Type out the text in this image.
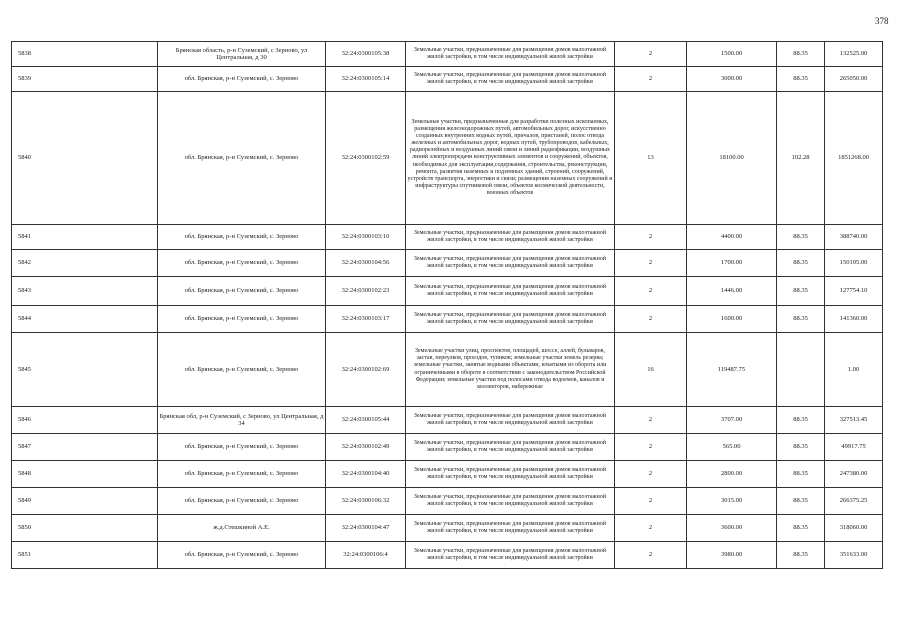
378
5838	Брянская область, р-н Суземский, с Зерново, ул Центральная, д 30	32:24:0300105:38	Земельные участки, предназначенные для размещения домов малоэтажной жилой застройки, в том числе индивидуальной жилой застройки	2	1500.00	88.35	132525.00
5839	обл. Брянская, р-н Суземский, с. Зерново	32:24:0300105:14	Земельные участки, предназначенные для размещения домов малоэтажной жилой застройки, в том числе индивидуальной жилой застройки	2	3000.00	88.35	265050.00
5840	обл. Брянская, р-н Суземский, с. Зерново	32:24:0300102:59	Земельные участки, предназначенные для разработки полезных ископаемых, размещения железнодорожных путей, автомобильных дорог, искусственно созданных внутренних водных путей, причалов, пристаней, полос отвода железных и автомобильных дорог, водных путей, трубопроводов, кабельных, радиорелейных и воздушных линий связи и линий радиофикации, воздушных линий электропередачи конструктивных элементов и сооружений, объектов, необходимых для эксплуатации,содержания, строительства, реконструкции, ремонта, развития наземных и подземных зданий, строений, сооружений, устройств транспорта, энергетики и связи; размещения наземных сооружений и инфраструктуры спутниковой связи, объектов космической деятельности, военных объектов	13	18100.00	102.28	1851268.00
5841	обл. Брянская, р-н Суземский, с. Зерново	32:24:0300103:10	Земельные участки, предназначенные для размещения домов малоэтажной жилой застройки, в том числе индивидуальной жилой застройки	2	4400.00	88.35	388740.00
5842	обл. Брянская, р-н Суземский, с. Зерново	32:24:0300104:56	Земельные участки, предназначенные для размещения домов малоэтажной жилой застройки, в том числе индивидуальной жилой застройки	2	1700.00	88.35	150195.00
5843	обл. Брянская, р-н Суземский, с. Зерново	32:24:0300102:23	Земельные участки, предназначенные для размещения домов малоэтажной жилой застройки, в том числе индивидуальной жилой застройки	2	1446.00	88.35	127754.10
5844	обл. Брянская, р-н Суземский, с. Зерново	32:24:0300103:17	Земельные участки, предназначенные для размещения домов малоэтажной жилой застройки, в том числе индивидуальной жилой застройки	2	1600.00	88.35	141360.00
5845	обл. Брянская, р-н Суземский, с. Зерново	32:24:0300102:69	Земельные участки улиц, проспектов, площадей, шоссе, аллей, бульваров, застав, переулков, проездов, тупиков; земельные участки земель резерва; земельные участки, занятые водными объектами, изъятыми из оборота или ограниченными в обороте в соответствии с законодательством Российской Федерации; земельные участки под полосами отвода водоемов, каналов и коллекторов, набережные	16	119487.75		1.00
5846	Брянская обл, р-н Суземский, с Зерново, ул Центральная, д 34	32:24:0300105:44	Земельные участки, предназначенные для размещения домов малоэтажной жилой застройки, в том числе индивидуальной жилой застройки	2	3707.00	88.35	327513.45
5847	обл. Брянская, р-н Суземский, с. Зерново	32:24:0300102:49	Земельные участки, предназначенные для размещения домов малоэтажной жилой застройки, в том числе индивидуальной жилой застройки	2	565.00	88.35	49917.75
5848	обл. Брянская, р-н Суземский, с. Зерново	32:24:0300104:40	Земельные участки, предназначенные для размещения домов малоэтажной жилой застройки, в том числе индивидуальной жилой застройки	2	2800.00	88.35	247380.00
5849	обл. Брянская, р-н Суземский, с. Зерново	32:24:0300106:32	Земельные участки, предназначенные для размещения домов малоэтажной жилой застройки, в том числе индивидуальной жилой застройки	2	3015.00	88.35	266375.25
5850	ж.д.Стешкиной А.Е.	32:24:0300104:47	Земельные участки, предназначенные для размещения домов малоэтажной жилой застройки, в том числе индивидуальной жилой застройки	2	3600.00	88.35	318060.00
5851	обл. Брянская, р-н Суземский, с. Зерново	32:24:0300106:4	Земельные участки, предназначенные для размещения домов малоэтажной жилой застройки, в том числе индивидуальной жилой застройки	2	3980.00	88.35	351633.00
